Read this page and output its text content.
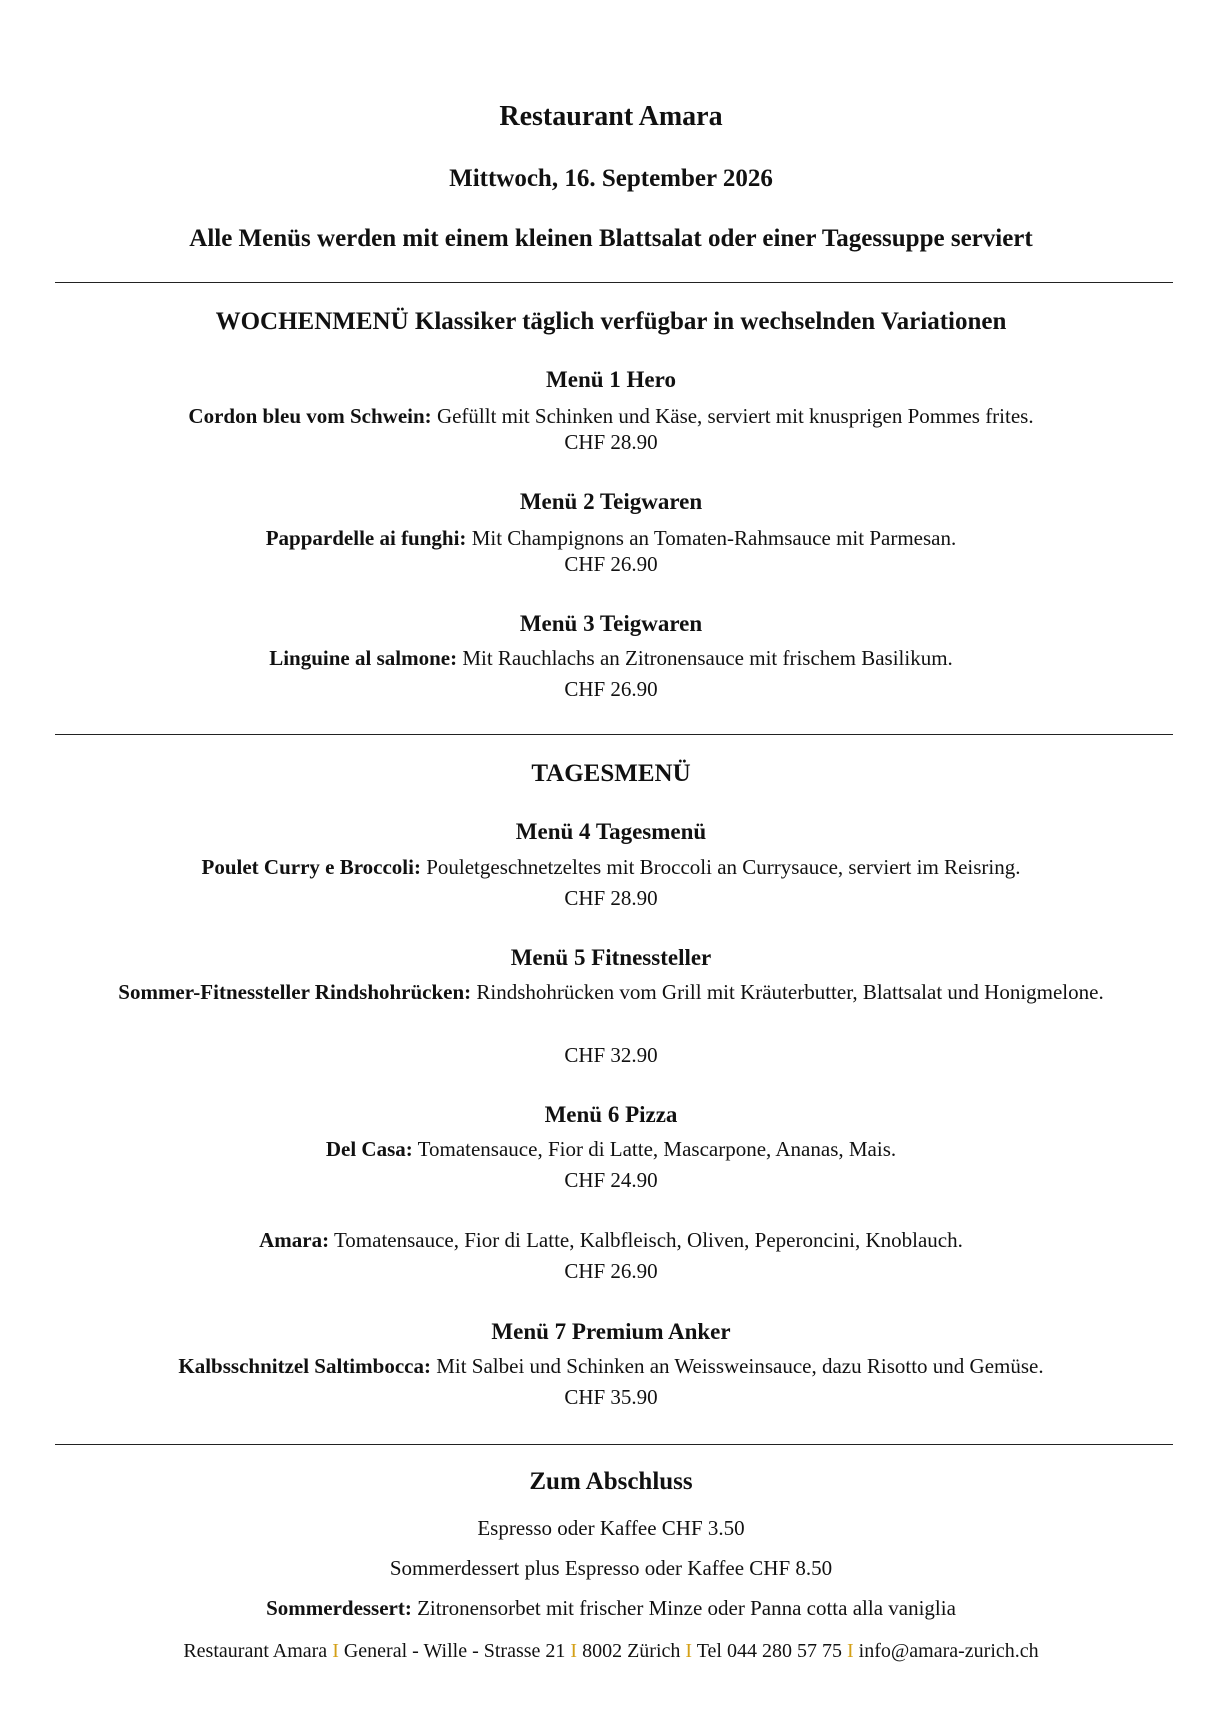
Restaurant Amara
Mittwoch, 16. September 2026
Alle Menüs werden mit einem kleinen Blattsalat oder einer Tagessuppe serviert
WOCHENMENÜ Klassiker täglich verfügbar in wechselnden Variationen
Menü 1 Hero
Cordon bleu vom Schwein: Gefüllt mit Schinken und Käse, serviert mit knusprigen Pommes frites.
CHF 28.90
Menü 2 Teigwaren
Pappardelle ai funghi: Mit Champignons an Tomaten-Rahmsauce mit Parmesan.
CHF 26.90
Menü 3 Teigwaren
Linguine al salmone: Mit Rauchlachs an Zitronensauce mit frischem Basilikum.
CHF 26.90
TAGESMENÜ
Menü 4 Tagesmenü
Poulet Curry e Broccoli: Pouletgeschnetzeltes mit Broccoli an Currysauce, serviert im Reisring.
CHF 28.90
Menü 5 Fitnessteller
Sommer-Fitnessteller Rindshohrücken: Rindshohrücken vom Grill mit Kräuterbutter, Blattsalat und Honigmelone.
CHF 32.90
Menü 6 Pizza
Del Casa: Tomatensauce, Fior di Latte, Mascarpone, Ananas, Mais.
CHF 24.90
Amara: Tomatensauce, Fior di Latte, Kalbfleisch, Oliven, Peperoncini, Knoblauch.
CHF 26.90
Menü 7 Premium Anker
Kalbsschnitzel Saltimbocca: Mit Salbei und Schinken an Weissweinsauce, dazu Risotto und Gemüse.
CHF 35.90
Zum Abschluss
Espresso oder Kaffee CHF 3.50
Sommerdessert plus Espresso oder Kaffee CHF 8.50
Sommerdessert: Zitronensorbet mit frischer Minze oder Panna cotta alla vaniglia
Restaurant Amara I General - Wille - Strasse 21 I 8002 Zürich I Tel 044 280 57 75 I info@amara-zurich.ch
